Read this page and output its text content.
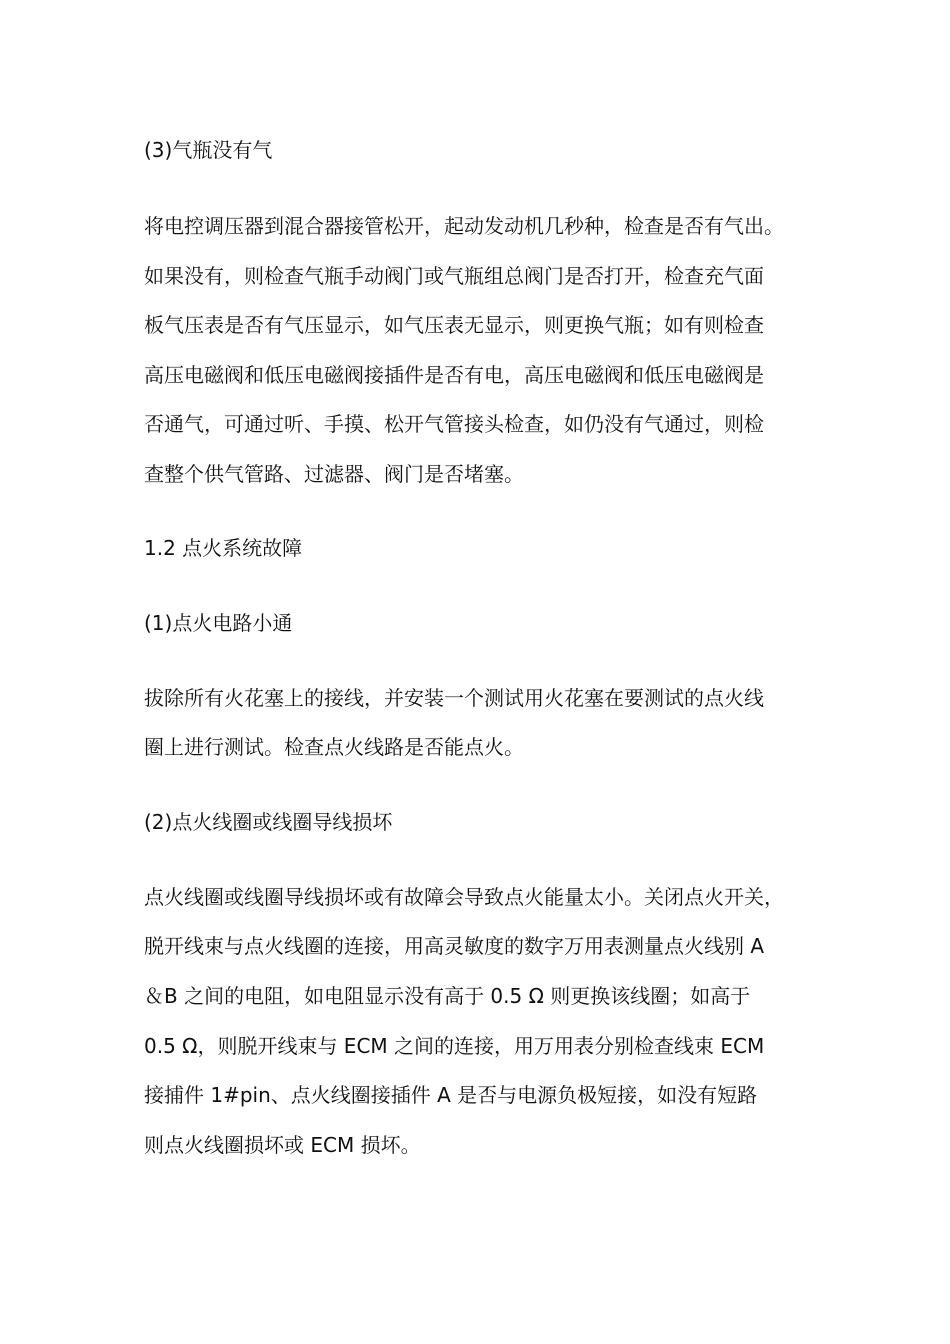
(3)气瓶没有气
将电控调压器到混合器接管松开，起动发动机几秒种，检查是否有气出。
如果没有，则检查气瓶手动阀门或气瓶组总阀门是否打开，检查充气面
板气压表是否有气压显示，如气压表无显示，则更换气瓶；如有则检查
高压电磁阀和低压电磁阀接插件是否有电，高压电磁阀和低压电磁阀是
否通气，可通过听、手摸、松开气管接头检查，如仍没有气通过，则检
查整个供气管路、过滤器、阀门是否堵塞。
1.2 点火系统故障
(1)点火电路小通
拔除所有火花塞上的接线，并安装一个测试用火花塞在要测试的点火线
圈上进行测试。检查点火线路是否能点火。
(2)点火线圈或线圈导线损坏
点火线圈或线圈导线损坏或有故障会导致点火能量太小。关闭点火开关，
脱开线束与点火线圈的连接，用高灵敏度的数字万用表测量点火线别 A
＆B 之间的电阻，如电阻显示没有高于 0.5 Ω 则更换该线圈；如高于
0.5 Ω，则脱开线束与 ECM 之间的连接，用万用表分别检查线束 ECM
接捕件 1#pin、点火线圈接插件 A 是否与电源负极短接，如没有短路
则点火线圈损坏或 ECM 损坏。
